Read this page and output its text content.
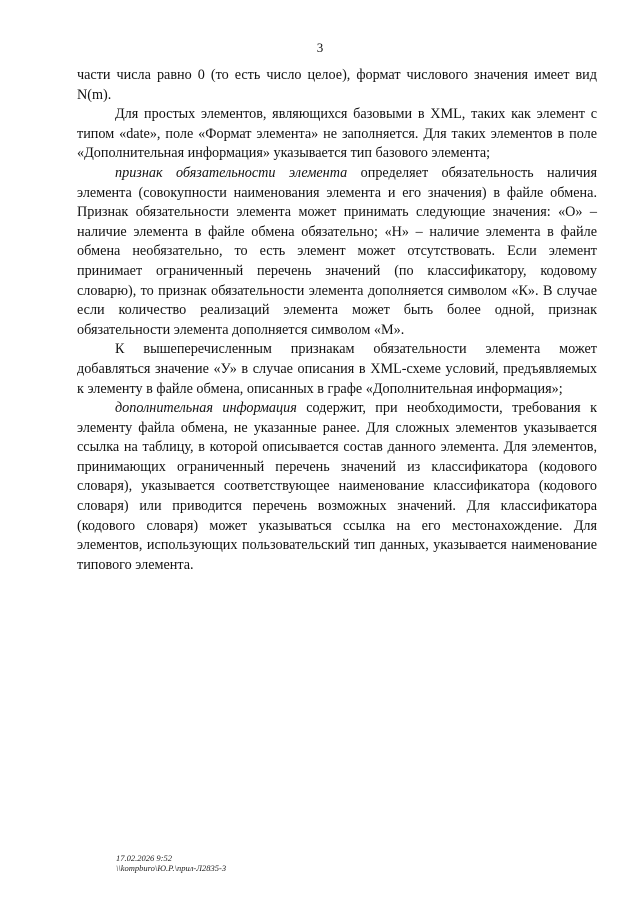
3

части числа равно 0 (то есть число целое), формат числового значения имеет вид N(m).

Для простых элементов, являющихся базовыми в XML, таких как элемент с типом «date», поле «Формат элемента» не заполняется. Для таких элементов в поле «Дополнительная информация» указывается тип базового элемента;

признак обязательности элемента определяет обязательность наличия элемента (совокупности наименования элемента и его значения) в файле обмена. Признак обязательности элемента может принимать следующие значения: «О» – наличие элемента в файле обмена обязательно; «Н» – наличие элемента в файле обмена необязательно, то есть элемент может отсутствовать. Если элемент принимает ограниченный перечень значений (по классификатору, кодовому словарю), то признак обязательности элемента дополняется символом «К». В случае если количество реализаций элемента может быть более одной, признак обязательности элемента дополняется символом «М».

К вышеперечисленным признакам обязательности элемента может добавляться значение «У» в случае описания в XML-схеме условий, предъявляемых к элементу в файле обмена, описанных в графе «Дополнительная информация»;

дополнительная информация содержит, при необходимости, требования к элементу файла обмена, не указанные ранее. Для сложных элементов указывается ссылка на таблицу, в которой описывается состав данного элемента. Для элементов, принимающих ограниченный перечень значений из классификатора (кодового словаря), указывается соответствующее наименование классификатора (кодового словаря) или приводится перечень возможных значений. Для классификатора (кодового словаря) может указываться ссылка на его местонахождение. Для элементов, использующих пользовательский тип данных, указывается наименование типового элемента.

17.02.2026 9:52
\\kompburo\Ю.Р.\прил-Л2835-3
